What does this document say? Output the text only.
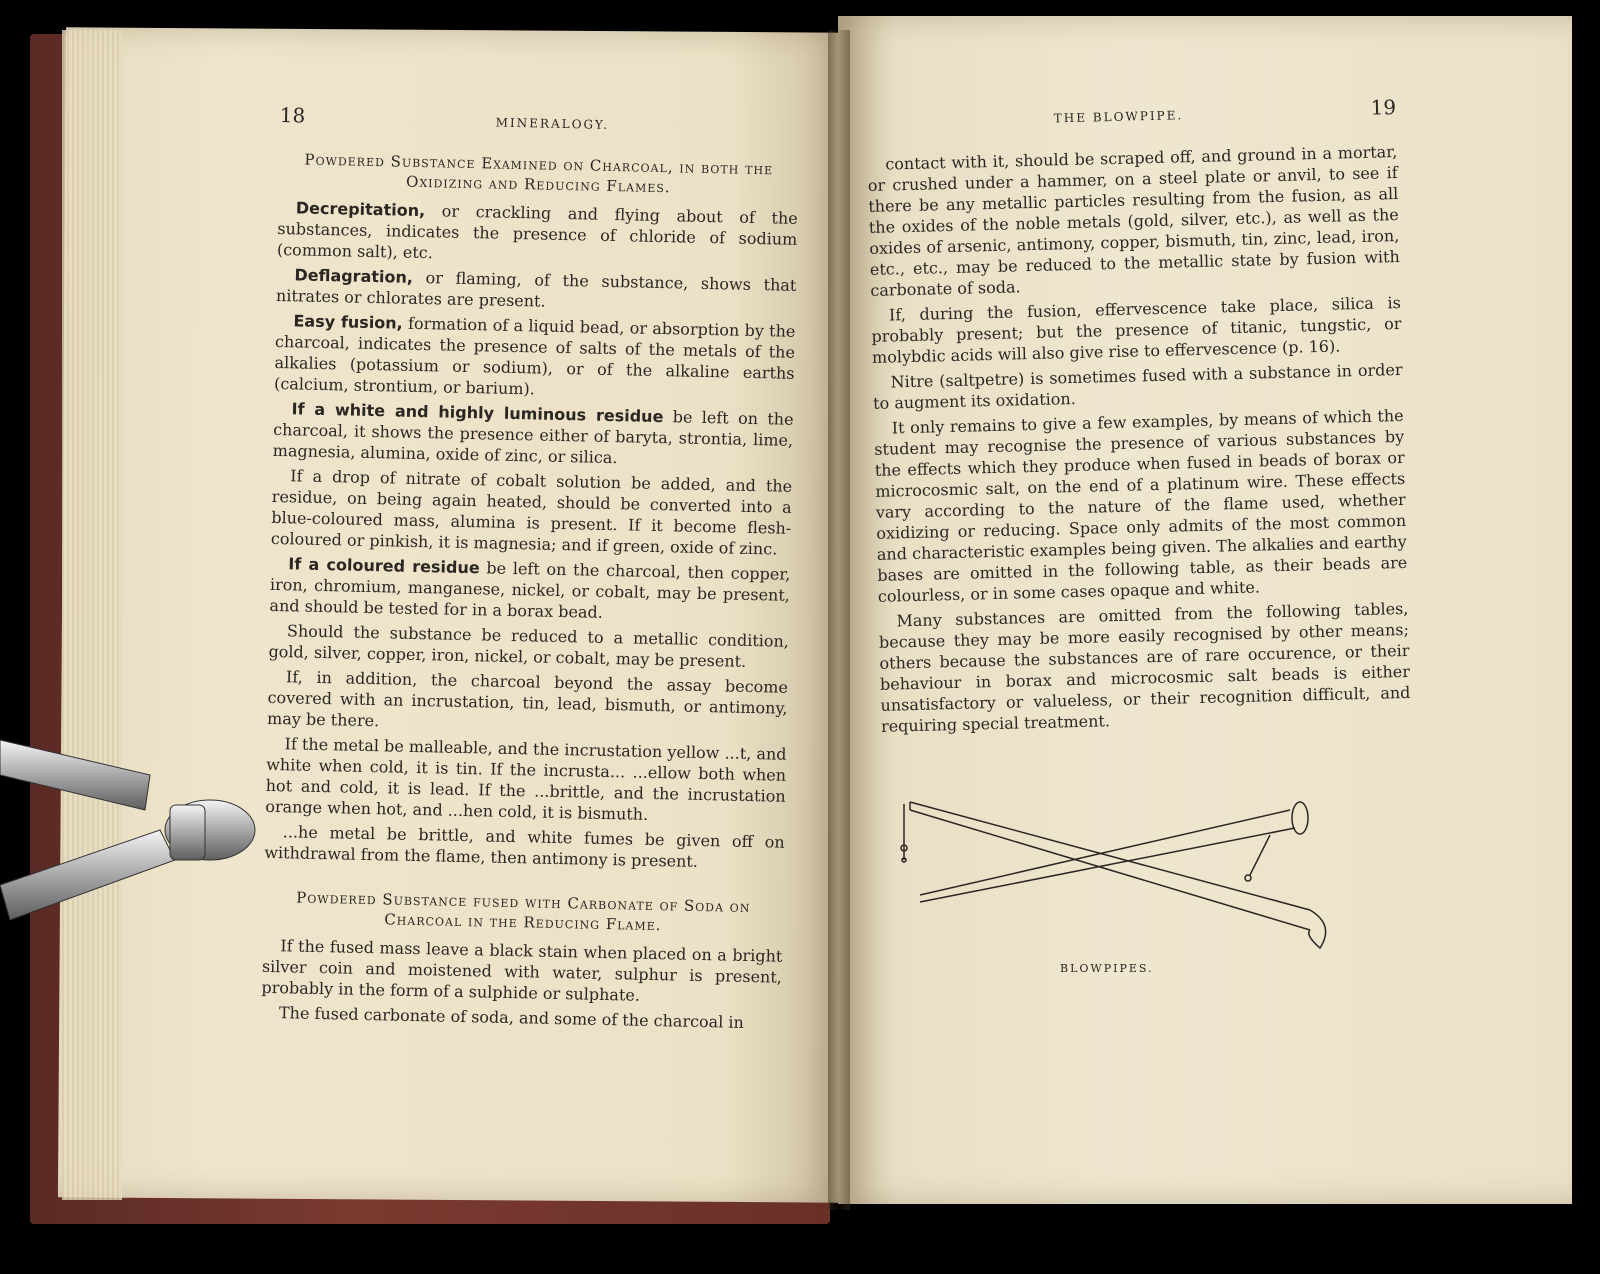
18	MINERALOGY.
Powdered Substance Examined on Charcoal, in both the Oxidizing and Reducing Flames.

Decrepitation, or crackling and flying about of the substances, indicates the presence of chloride of sodium (common salt), etc.

Deflagration, or flaming, of the substance, shows that nitrates or chlorates are present.

Easy fusion, formation of a liquid bead, or absorption by the charcoal, indicates the presence of salts of the metals of the alkalies (potassium or sodium), or of the alkaline earths (calcium, strontium, or barium).

If a white and highly luminous residue be left on the charcoal, it shows the presence either of baryta, strontia, lime, magnesia, alumina, oxide of zinc, or silica.

If a drop of nitrate of cobalt solution be added, and the residue, on being again heated, should be converted into a blue-coloured mass, alumina is present. If it become flesh-coloured or pinkish, it is magnesia; and if green, oxide of zinc.

If a coloured residue be left on the charcoal, then copper, iron, chromium, manganese, nickel, or cobalt, may be present, and should be tested for in a borax bead.

Should the substance be reduced to a metallic condition, gold, silver, copper, iron, nickel, or cobalt, may be present.

If, in addition, the charcoal beyond the assay become covered with an incrustation, tin, lead, bismuth, or antimony, may be there.

If the metal be malleable, and the incrustation yellow ...t, and white when cold, it is tin. If the incrusta... ...ellow both when hot and cold, it is lead. If the ...brittle, and the incrustation orange when hot, and ...hen cold, it is bismuth.

...he metal be brittle, and white fumes be given off on withdrawal from the flame, then antimony is present.

Powdered Substance fused with Carbonate of Soda on Charcoal in the Reducing Flame.

If the fused mass leave a black stain when placed on a bright silver coin and moistened with water, sulphur is present, probably in the form of a sulphide or sulphate.

The fused carbonate of soda, and some of the charcoal in

THE BLOWPIPE.	19

contact with it, should be scraped off, and ground in a mortar, or crushed under a hammer, on a steel plate or anvil, to see if there be any metallic particles resulting from the fusion, as all the oxides of the noble metals (gold, silver, etc.), as well as the oxides of arsenic, antimony, copper, bismuth, tin, zinc, lead, iron, etc., etc., may be reduced to the metallic state by fusion with carbonate of soda.

If, during the fusion, effervescence take place, silica is probably present; but the presence of titanic, tungstic, or molybdic acids will also give rise to effervescence (p. 16).

Nitre (saltpetre) is sometimes fused with a substance in order to augment its oxidation.

It only remains to give a few examples, by means of which the student may recognise the presence of various substances by the effects which they produce when fused in beads of borax or microcosmic salt, on the end of a platinum wire. These effects vary according to the nature of the flame used, whether oxidizing or reducing. Space only admits of the most common and characteristic examples being given. The alkalies and earthy bases are omitted in the following table, as their beads are colourless, or in some cases opaque and white.

Many substances are omitted from the following tables, because they may be more easily recognised by other means; others because the substances are of rare occurence, or their behaviour in borax and microcosmic salt beads is either unsatisfactory or valueless, or their recognition difficult, and requiring special treatment.

BLOWPIPES.
